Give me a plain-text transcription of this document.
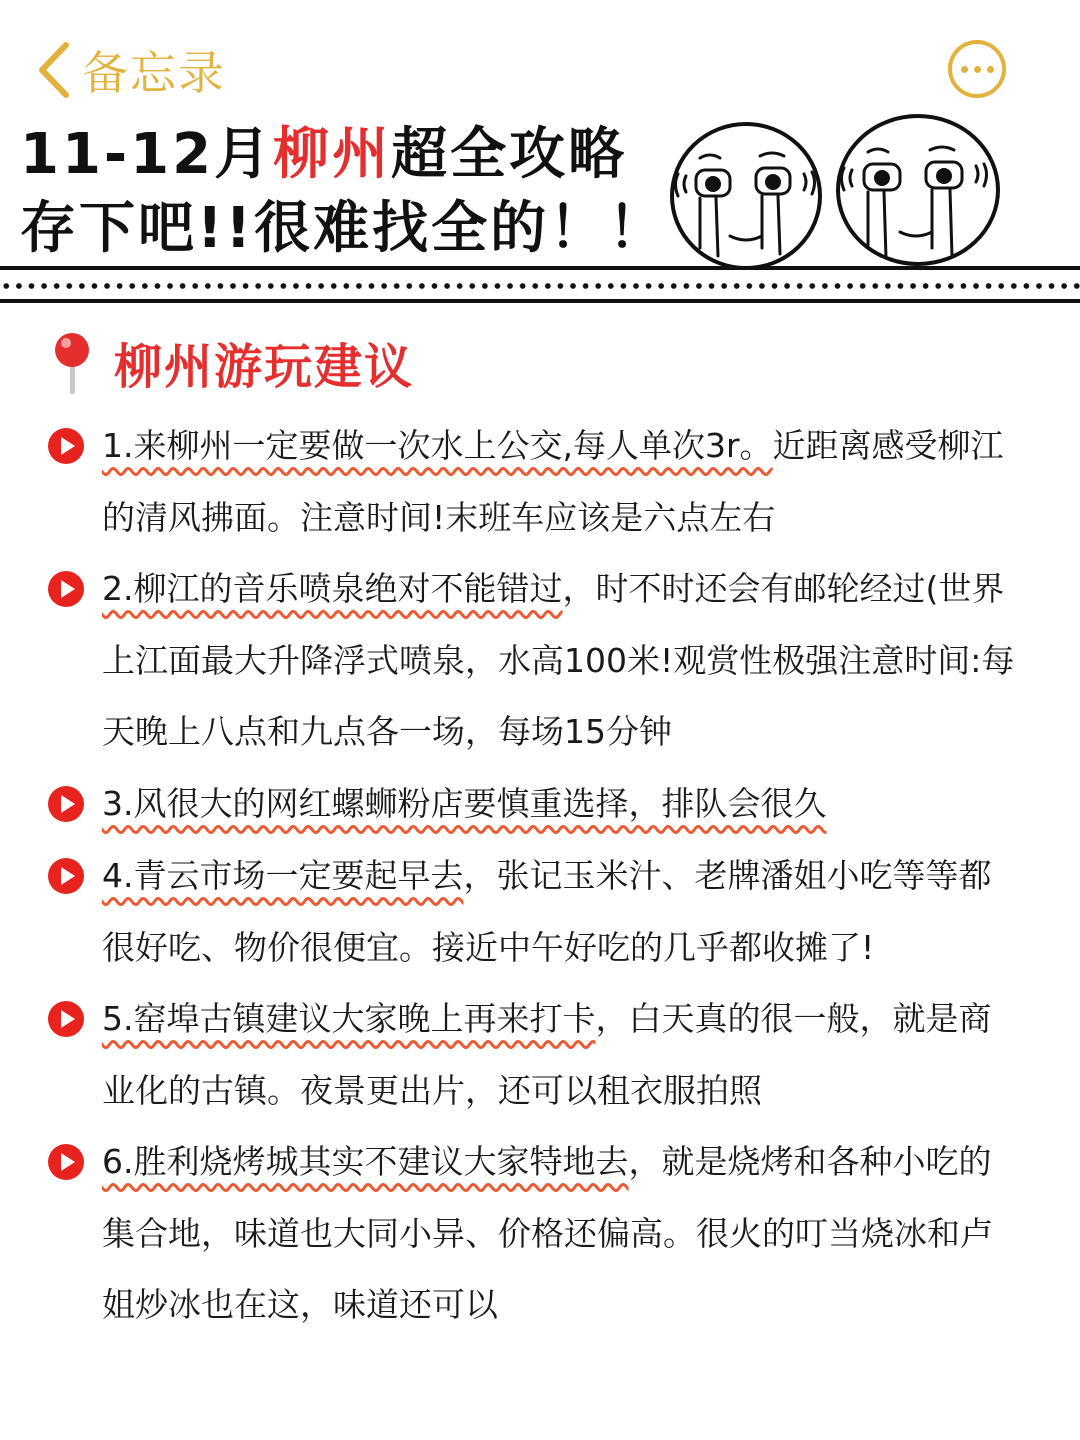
备忘录
11-12月柳州超全攻略
存下吧!!很难找全的！！
柳州游玩建议
1.来柳州一定要做一次水上公交,每人单次3r。近距离感受柳江的清风拂面。注意时间!末班车应该是六点左右
2.柳江的音乐喷泉绝对不能错过，时不时还会有邮轮经过(世界上江面最大升降浮式喷泉，水高100米!观赏性极强注意时间:每天晚上八点和九点各一场，每场15分钟
3.风很大的网红螺蛳粉店要慎重选择，排队会很久
4.青云市场一定要起早去，张记玉米汁、老牌潘姐小吃等等都很好吃、物价很便宜。接近中午好吃的几乎都收摊了!
5.窑埠古镇建议大家晚上再来打卡，白天真的很一般，就是商业化的古镇。夜景更出片，还可以租衣服拍照
6.胜利烧烤城其实不建议大家特地去，就是烧烤和各种小吃的集合地，味道也大同小异、价格还偏高。很火的叮当烧冰和卢姐炒冰也在这，味道还可以
